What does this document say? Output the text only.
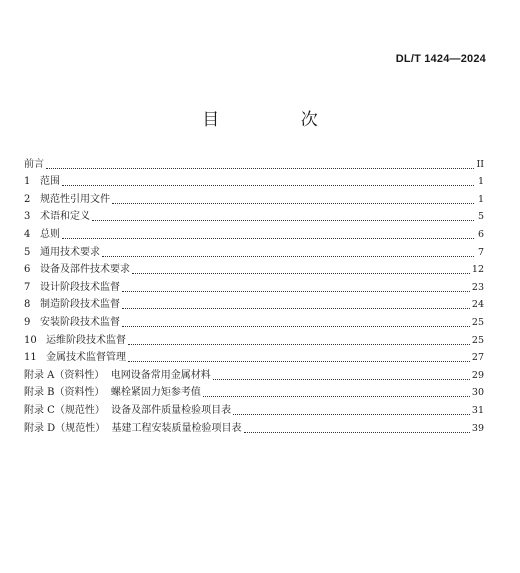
DL/T 1424—2024
目 次
前言	II
1 范围	1
2 规范性引用文件	1
3 术语和定义	5
4 总则	6
5 通用技术要求	7
6 设备及部件技术要求	12
7 设计阶段技术监督	23
8 制造阶段技术监督	24
9 安装阶段技术监督	25
10 运维阶段技术监督	25
11 金属技术监督管理	27
附录 A（资料性）  电网设备常用金属材料	29
附录 B（资料性）  螺栓紧固力矩参考值	30
附录 C（规范性）  设备及部件质量检验项目表	31
附录 D（规范性）  基建工程安装质量检验项目表	39
